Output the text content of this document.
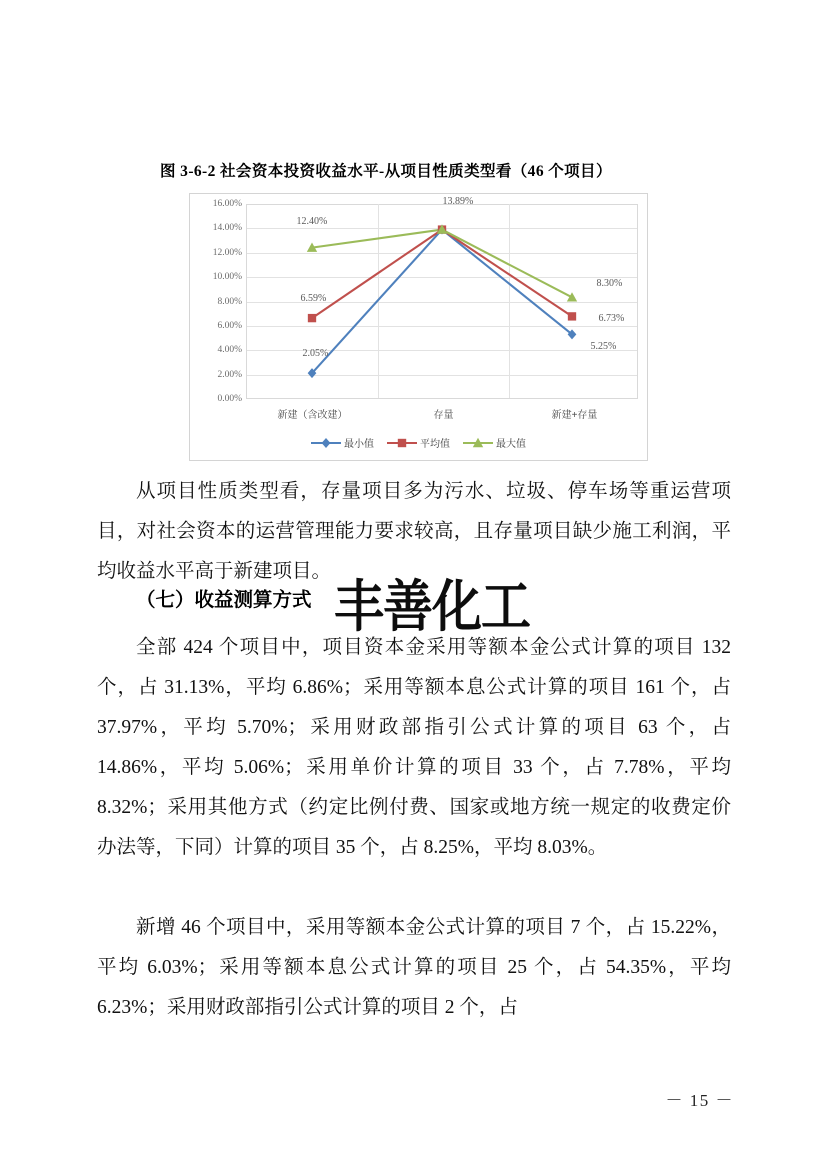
图 3-6-2 社会资本投资收益水平-从项目性质类型看（46 个项目）
16.00%
14.00%
12.00%
10.00%
8.00%
6.00%
4.00%
2.00%
0.00%
新建（含改建）	存量	新建+存量
2.05%
6.59%
12.40%
13.89%
8.30%
6.73%
5.25%
最小值	平均值	最大值
从项目性质类型看，存量项目多为污水、垃圾、停车场等重运营项目，对社会资本的运营管理能力要求较高，且存量项目缺少施工利润，平均收益水平高于新建项目。
（七）收益测算方式
全部 424 个项目中，项目资本金采用等额本金公式计算的项目 132 个，占 31.13%，平均 6.86%；采用等额本息公式计算的项目 161 个，占 37.97%，平均 5.70%；采用财政部指引公式计算的项目 63 个，占 14.86%，平均 5.06%；采用单价计算的项目 33 个，占 7.78%，平均 8.32%；采用其他方式（约定比例付费、国家或地方统一规定的收费定价办法等，下同）计算的项目 35 个，占 8.25%，平均 8.03%。
新增 46 个项目中，采用等额本金公式计算的项目 7 个，占 15.22%，平均 6.03%；采用等额本息公式计算的项目 25 个，占 54.35%，平均 6.23%；采用财政部指引公式计算的项目 2 个，占
丰善化工
－ 15 －
